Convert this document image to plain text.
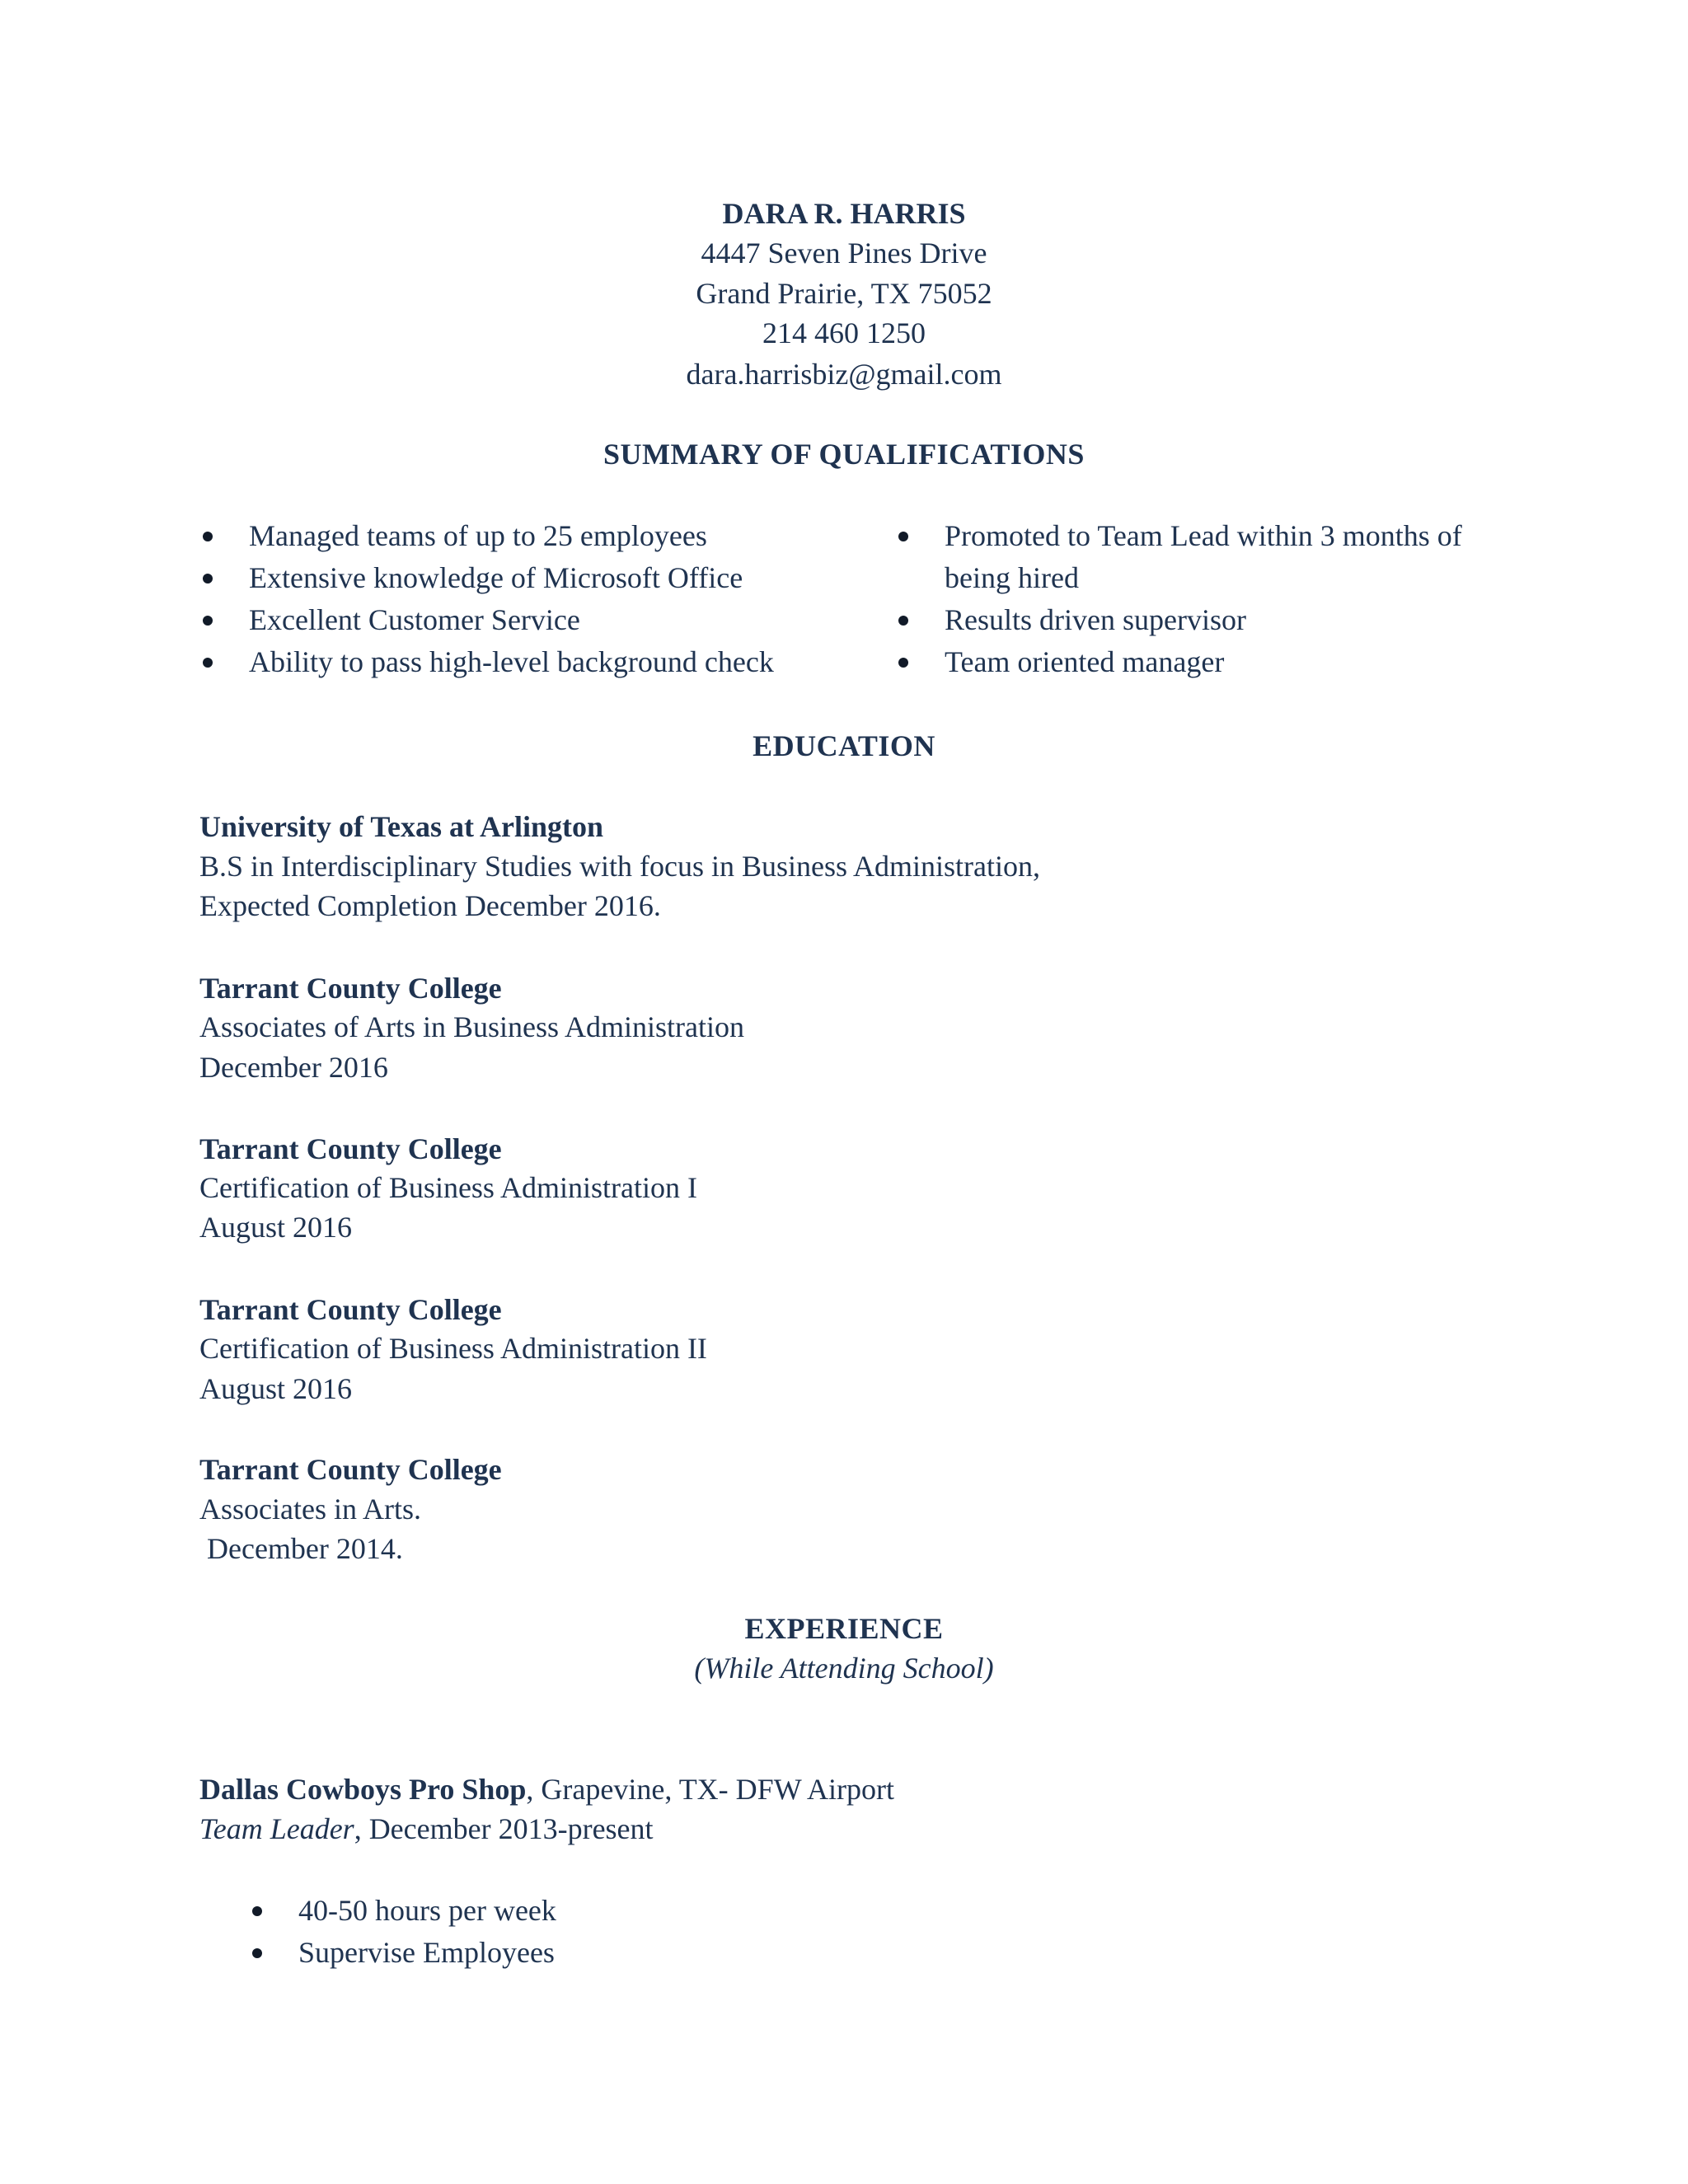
DARA R. HARRIS
4447 Seven Pines Drive
Grand Prairie, TX 75052
214 460 1250
dara.harrisbiz@gmail.com
SUMMARY OF QUALIFICATIONS
Managed teams of up to 25 employees
Extensive knowledge of Microsoft Office
Excellent Customer Service
Ability to pass high-level background check
Promoted to Team Lead within 3 months of
being hired
Results driven supervisor
Team oriented manager
EDUCATION
University of Texas at Arlington
B.S in Interdisciplinary Studies with focus in Business Administration,
Expected Completion December 2016.
Tarrant County College
Associates of Arts in Business Administration
December 2016
Tarrant County College
Certification of Business Administration I
August 2016
Tarrant County College
Certification of Business Administration II
August 2016
Tarrant County College
Associates in Arts.
December 2014.
EXPERIENCE
(While Attending School)
Dallas Cowboys Pro Shop, Grapevine, TX- DFW Airport
Team Leader, December 2013-present
40-50 hours per week
Supervise Employees
